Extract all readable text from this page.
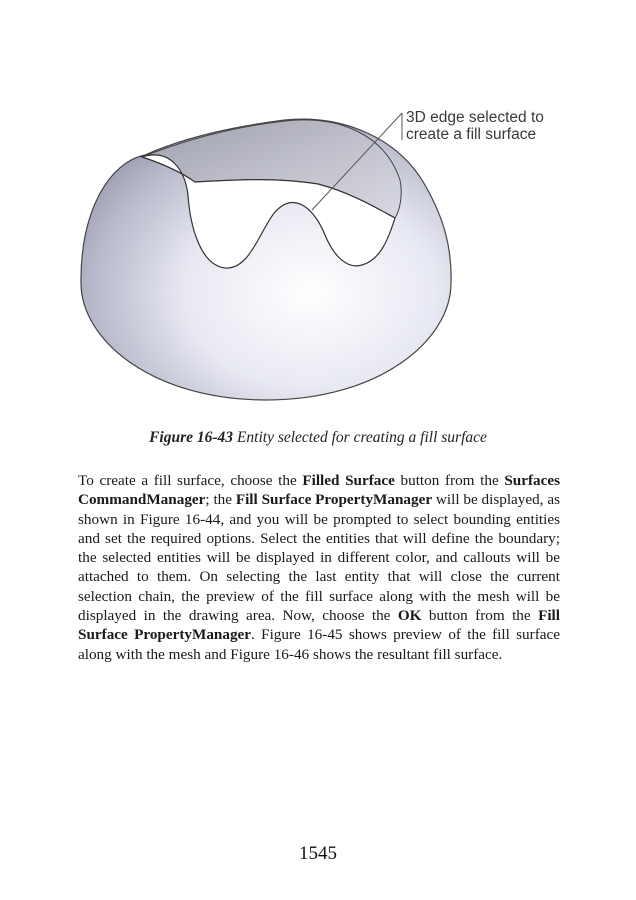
3D edge selected to
create a fill surface
Figure 16-43 Entity selected for creating a fill surface
To create a fill surface, choose the Filled Surface button from the Surfaces CommandManager; the Fill Surface PropertyManager will be displayed, as shown in Figure 16-44, and you will be prompted to select bounding entities and set the required options. Select the entities that will define the boundary; the selected entities will be displayed in different color, and callouts will be attached to them. On selecting the last entity that will close the current selection chain, the preview of the fill surface along with the mesh will be displayed in the drawing area. Now, choose the OK button from the Fill Surface PropertyManager. Figure 16-45 shows preview of the fill surface along with the mesh and Figure 16-46 shows the resultant fill surface.
1545
